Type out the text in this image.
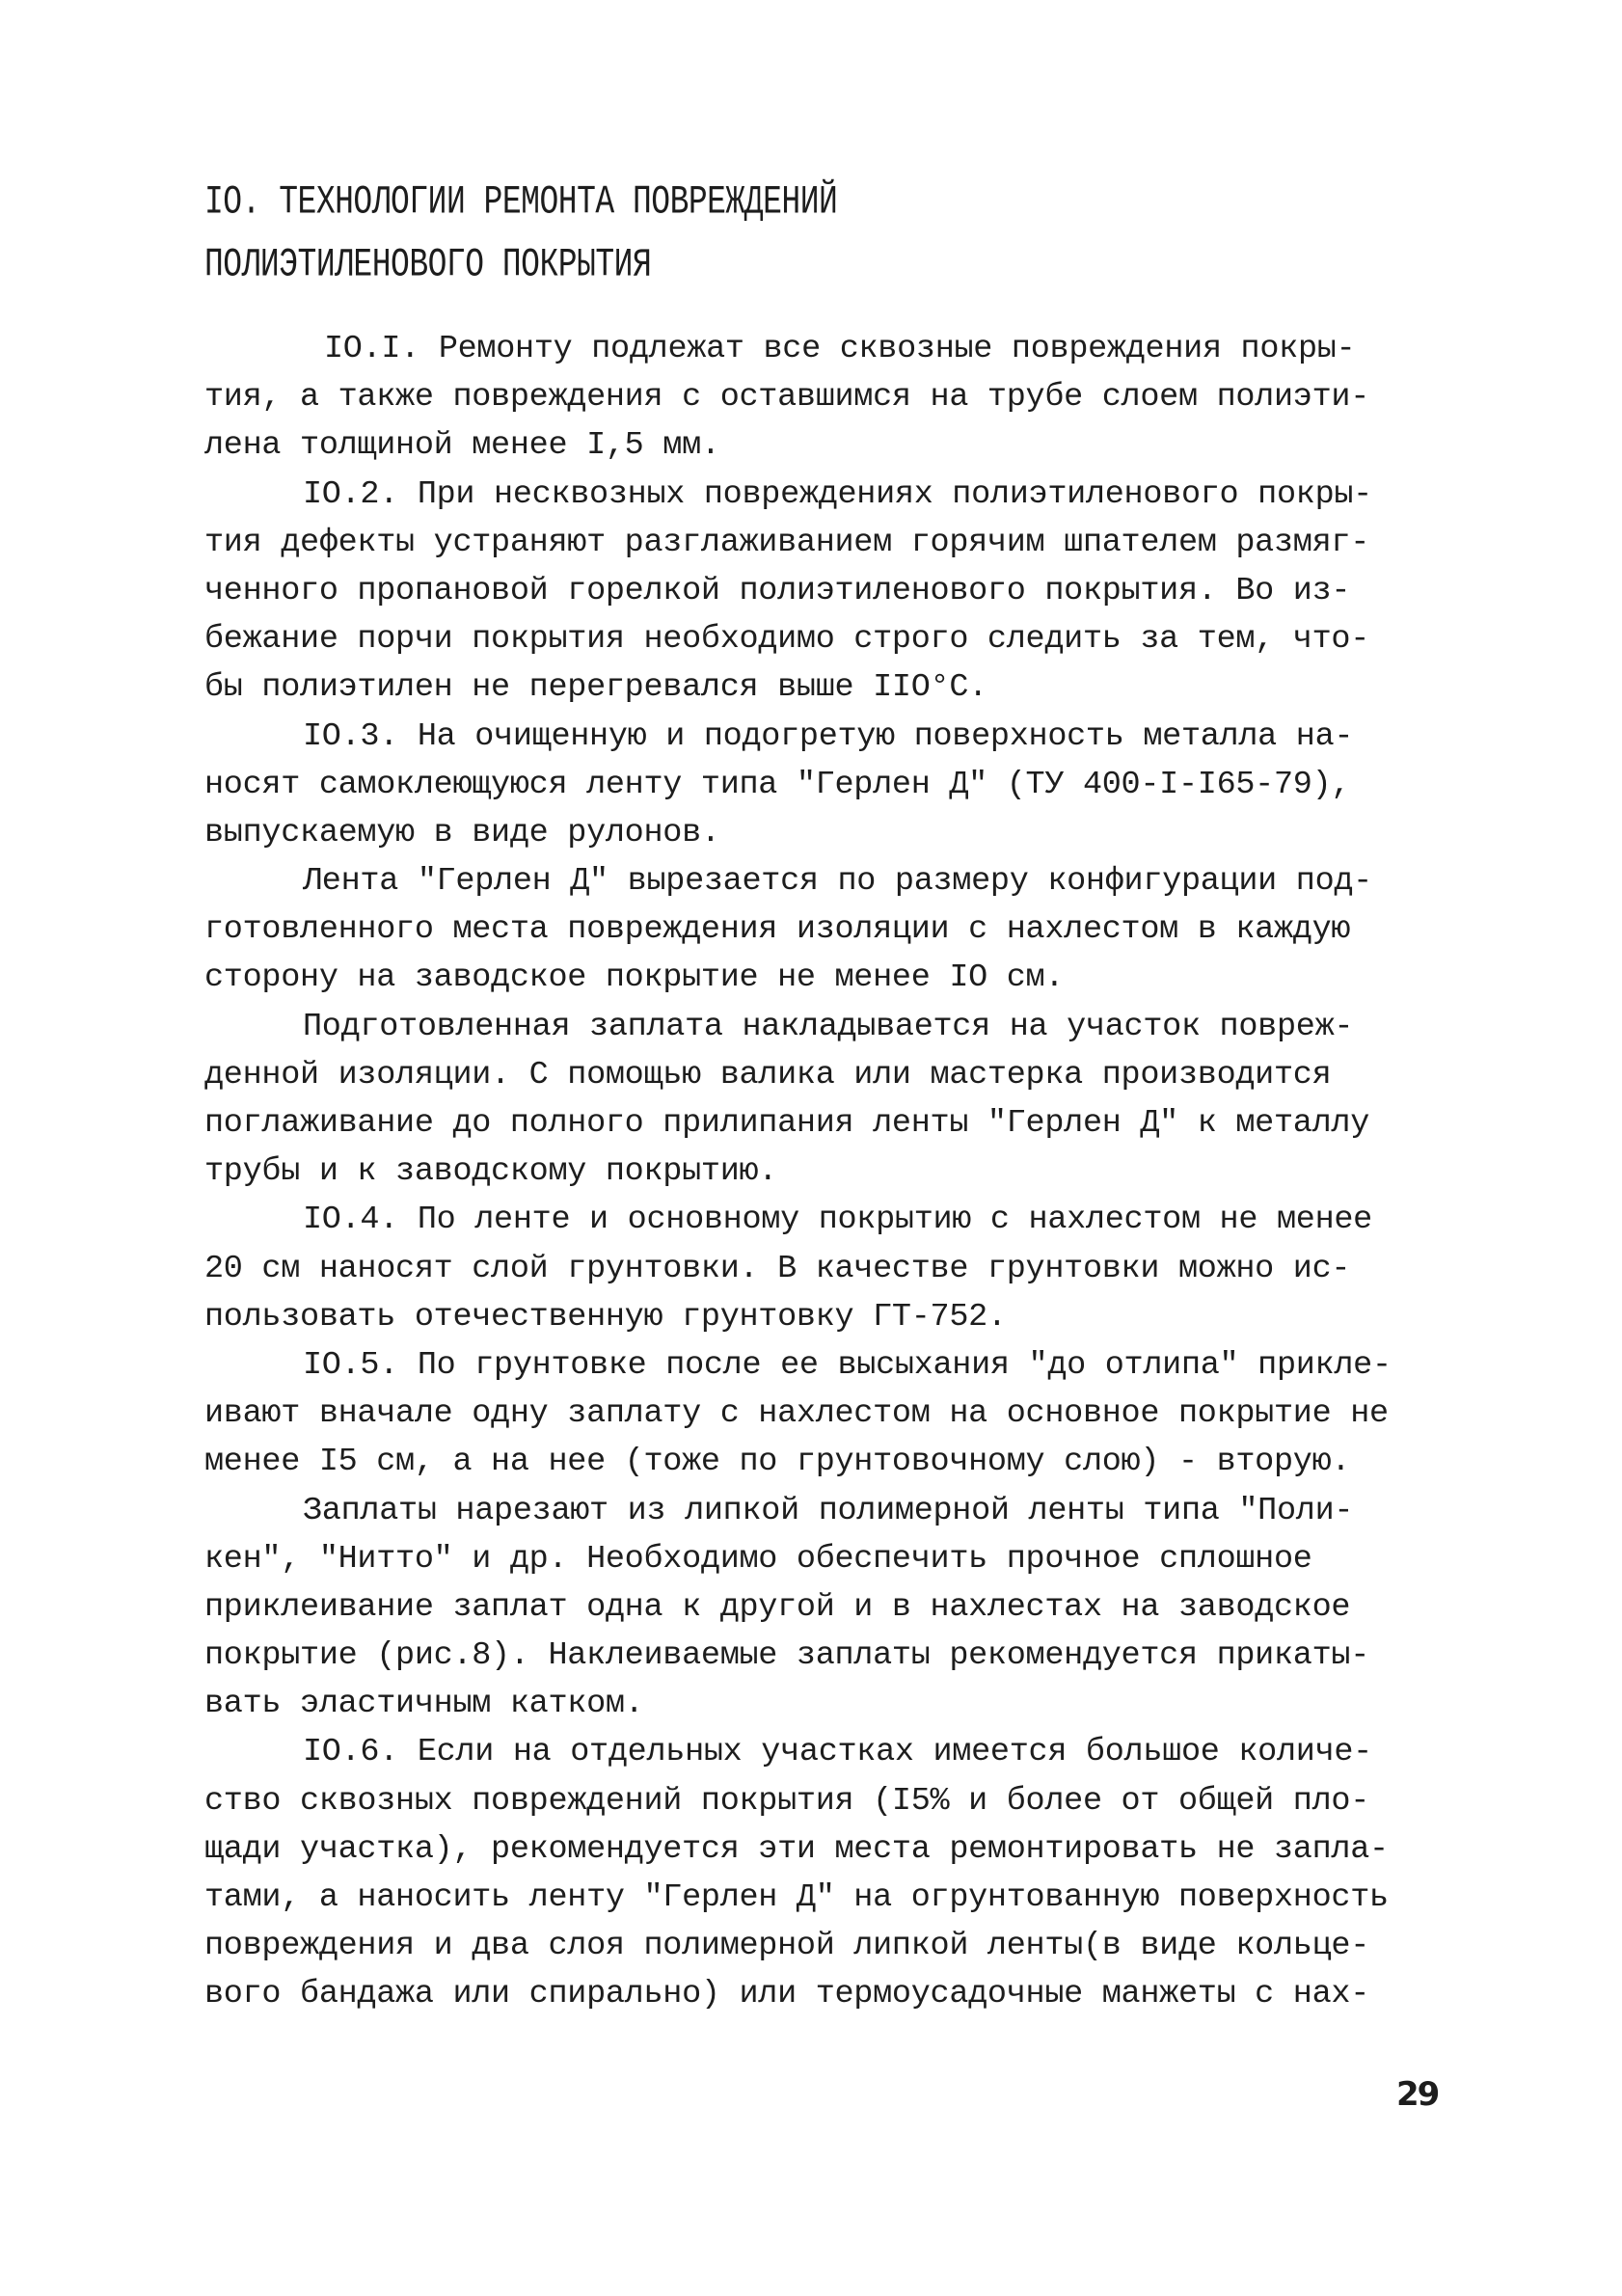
IO. ТЕХНОЛОГИИ РЕМОНТА ПОВРЕЖДЕНИЙ
ПОЛИЭТИЛЕНОВОГО ПОКРЫТИЯ
IO.I. Ремонту подлежат все сквозные повреждения покры-
тия, а также повреждения с оставшимся на трубе слоем полиэти-
лена толщиной менее I,5 мм.
IO.2. При несквозных повреждениях полиэтиленового покры-
тия дефекты устраняют разглаживанием горячим шпателем размяг-
ченного пропановой горелкой полиэтиленового покрытия. Во из-
бежание порчи покрытия необходимо строго следить за тем, что-
бы полиэтилен не перегревался выше IIO°С.
IO.3. На очищенную и подогретую поверхность металла на-
носят самоклеющуюся ленту типа "Герлен Д" (ТУ 400-I-I65-79),
выпускаемую в виде рулонов.
Лента "Герлен Д" вырезается по размеру конфигурации под-
готовленного места повреждения изоляции с нахлестом в каждую
сторону на заводское покрытие не менее IO см.
Подготовленная заплата накладывается на участок повреж-
денной изоляции. С помощью валика или мастерка производится
поглаживание до полного прилипания ленты "Герлен Д" к металлу
трубы и к заводскому покрытию.
IO.4. По ленте и основному покрытию с нахлестом не менее
20 см наносят слой грунтовки. В качестве грунтовки можно ис-
пользовать отечественную грунтовку ГТ-752.
IO.5. По грунтовке после ее высыхания "до отлипа" прикле-
ивают вначале одну заплату с нахлестом на основное покрытие не
менее I5 см, а на нее (тоже по грунтовочному слою) - вторую.
Заплаты нарезают из липкой полимерной ленты типа "Поли-
кен", "Нитто" и др. Необходимо обеспечить прочное сплошное
приклеивание заплат одна к другой и в нахлестах на заводское
покрытие (рис.8). Наклеиваемые заплаты рекомендуется прикаты-
вать эластичным катком.
IO.6. Если на отдельных участках имеется большое количе-
ство сквозных повреждений покрытия (I5% и более от общей пло-
щади участка), рекомендуется эти места ремонтировать не запла-
тами, а наносить ленту "Герлен Д" на огрунтованную поверхность
повреждения и два слоя полимерной липкой ленты(в виде кольце-
вого бандажа или спирально) или термоусадочные манжеты с нах-
29
